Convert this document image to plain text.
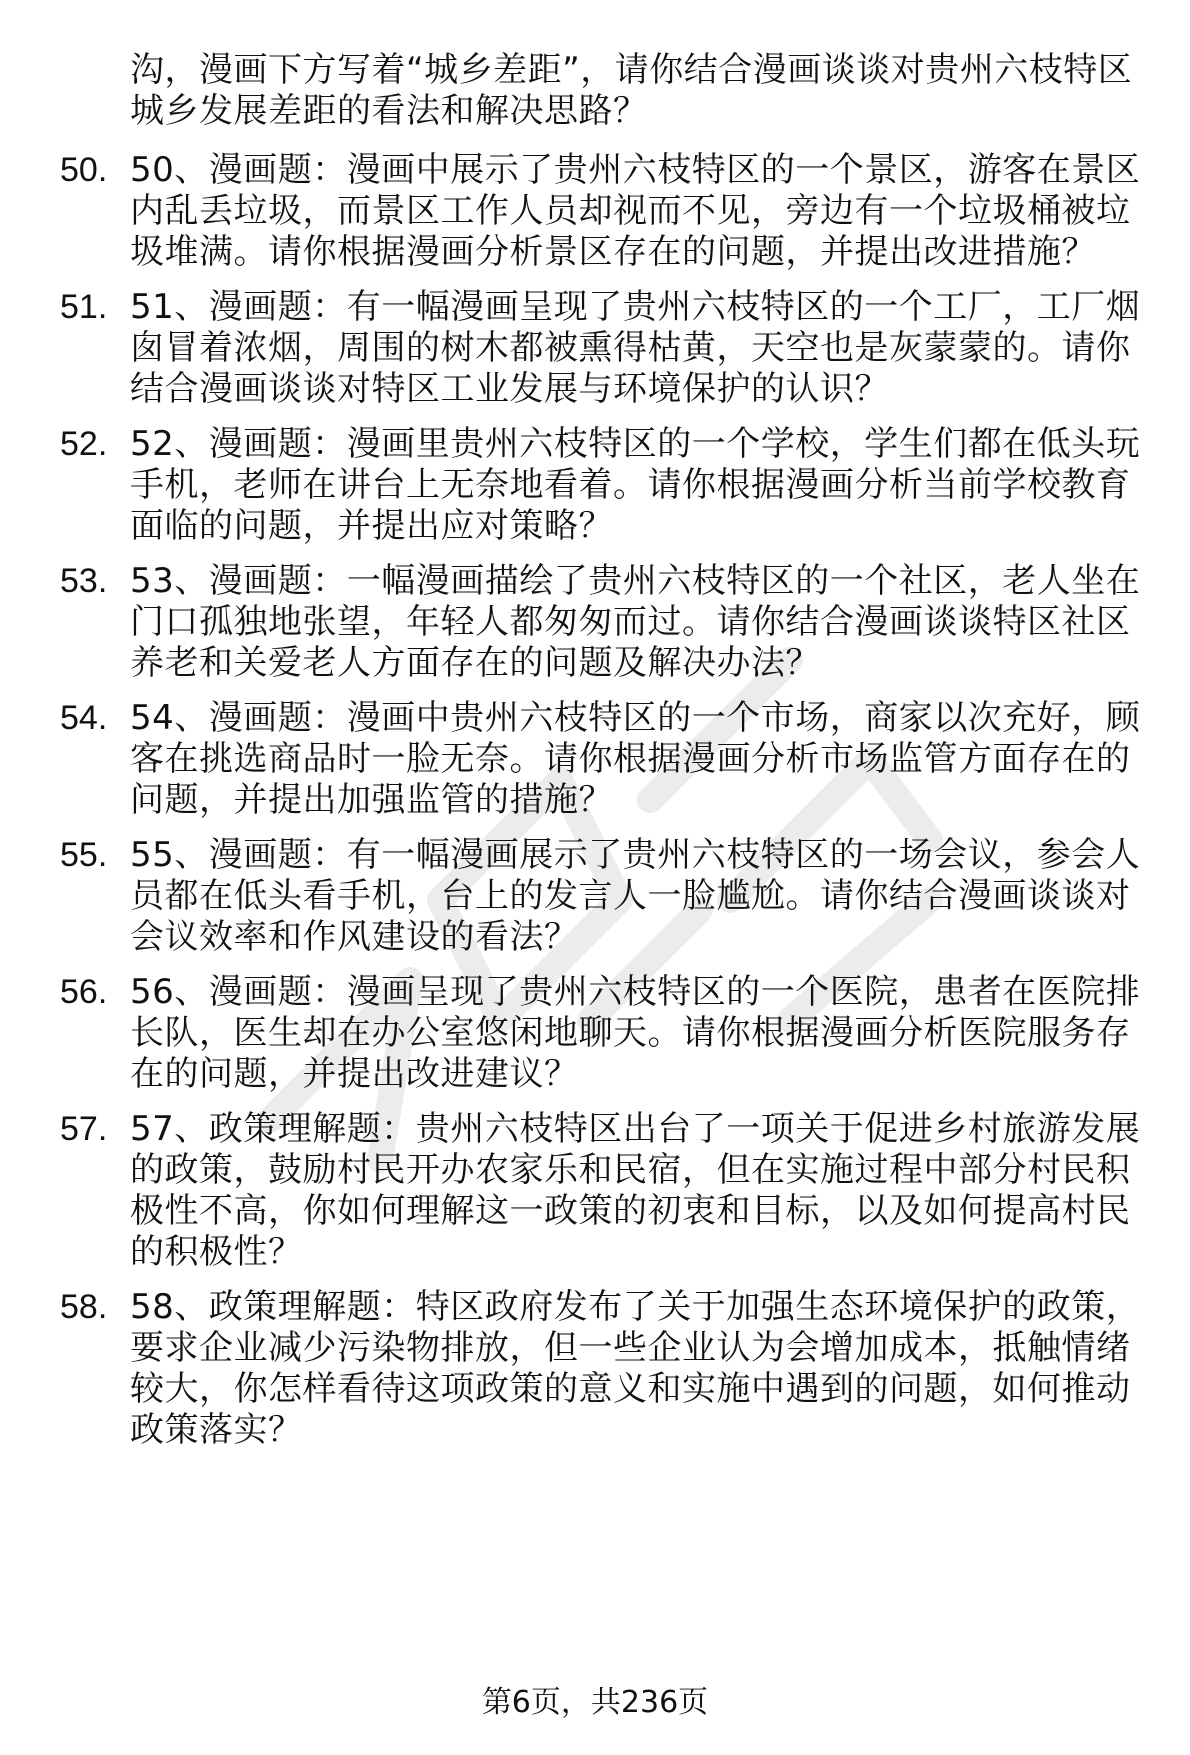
沟，漫画下方写着“城乡差距”，请你结合漫画谈谈对贵州六枝特区城乡发展差距的看法和解决思路？
50. 50、漫画题：漫画中展示了贵州六枝特区的一个景区，游客在景区内乱丢垃圾，而景区工作人员却视而不见，旁边有一个垃圾桶被垃圾堆满。请你根据漫画分析景区存在的问题，并提出改进措施？
51. 51、漫画题：有一幅漫画呈现了贵州六枝特区的一个工厂，工厂烟囱冒着浓烟，周围的树木都被熏得枯黄，天空也是灰蒙蒙的。请你结合漫画谈谈对特区工业发展与环境保护的认识？
52. 52、漫画题：漫画里贵州六枝特区的一个学校，学生们都在低头玩手机，老师在讲台上无奈地看着。请你根据漫画分析当前学校教育面临的问题，并提出应对策略？
53. 53、漫画题：一幅漫画描绘了贵州六枝特区的一个社区，老人坐在门口孤独地张望，年轻人都匆匆而过。请你结合漫画谈谈特区社区养老和关爱老人方面存在的问题及解决办法？
54. 54、漫画题：漫画中贵州六枝特区的一个市场，商家以次充好，顾客在挑选商品时一脸无奈。请你根据漫画分析市场监管方面存在的问题，并提出加强监管的措施？
55. 55、漫画题：有一幅漫画展示了贵州六枝特区的一场会议，参会人员都在低头看手机，台上的发言人一脸尴尬。请你结合漫画谈谈对会议效率和作风建设的看法？
56. 56、漫画题：漫画呈现了贵州六枝特区的一个医院，患者在医院排长队，医生却在办公室悠闲地聊天。请你根据漫画分析医院服务存在的问题，并提出改进建议？
57. 57、政策理解题：贵州六枝特区出台了一项关于促进乡村旅游发展的政策，鼓励村民开办农家乐和民宿，但在实施过程中部分村民积极性不高，你如何理解这一政策的初衷和目标，以及如何提高村民的积极性？
58. 58、政策理解题：特区政府发布了关于加强生态环境保护的政策，要求企业减少污染物排放，但一些企业认为会增加成本，抵触情绪较大，你怎样看待这项政策的意义和实施中遇到的问题，如何推动政策落实？
第6页，共236页
